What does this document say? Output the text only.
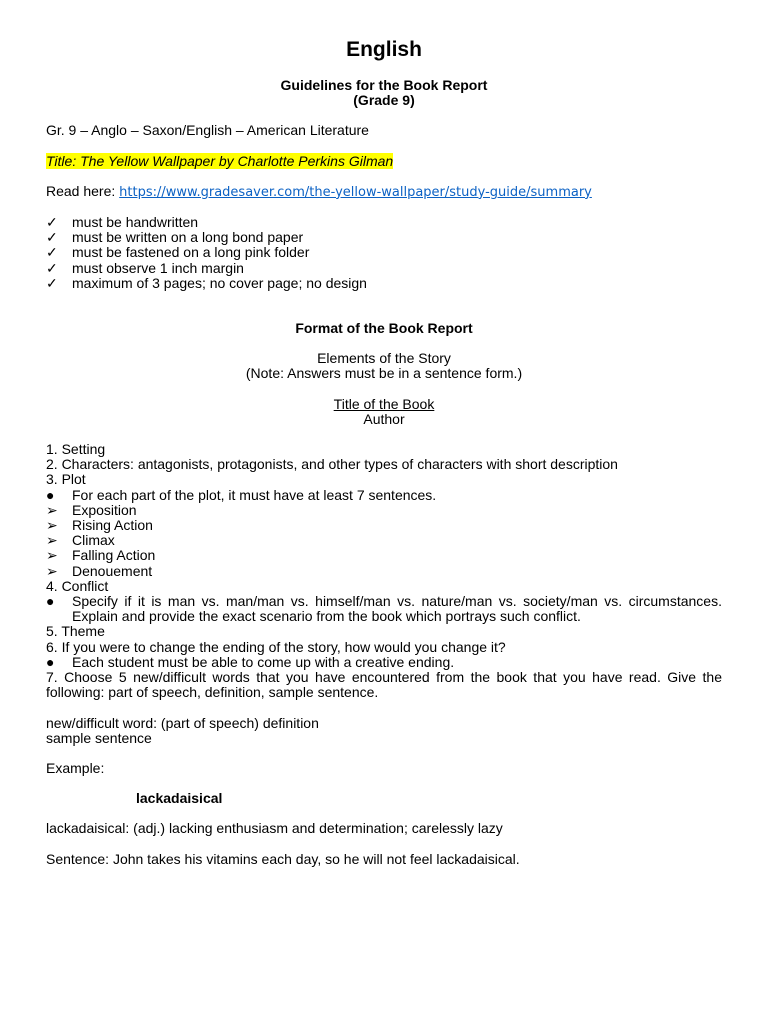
English
Guidelines for the Book Report
(Grade 9)
Gr. 9 – Anglo – Saxon/English – American Literature
Title: The Yellow Wallpaper by Charlotte Perkins Gilman
Read here: https://www.gradesaver.com/the-yellow-wallpaper/study-guide/summary
✓	must be handwritten
✓	must be written on a long bond paper
✓	must be fastened on a long pink folder
✓	must observe 1 inch margin
✓	maximum of 3 pages; no cover page; no design
Format of the Book Report
Elements of the Story
(Note: Answers must be in a sentence form.)
Title of the Book
Author
1. Setting
2. Characters: antagonists, protagonists, and other types of characters with short description
3. Plot
●	For each part of the plot, it must have at least 7 sentences.
➢	Exposition
➢	Rising Action
➢	Climax
➢	Falling Action
➢	Denouement
4. Conflict
●	Specify if it is man vs. man/man vs. himself/man vs. nature/man vs. society/man vs. circumstances. Explain and provide the exact scenario from the book which portrays such conflict.
5. Theme
6. If you were to change the ending of the story, how would you change it?
●	Each student must be able to come up with a creative ending.
7. Choose 5 new/difficult words that you have encountered from the book that you have read. Give the following: part of speech, definition, sample sentence.
new/difficult word: (part of speech) definition
sample sentence
Example:
lackadaisical
lackadaisical: (adj.) lacking enthusiasm and determination; carelessly lazy
Sentence: John takes his vitamins each day, so he will not feel lackadaisical.
